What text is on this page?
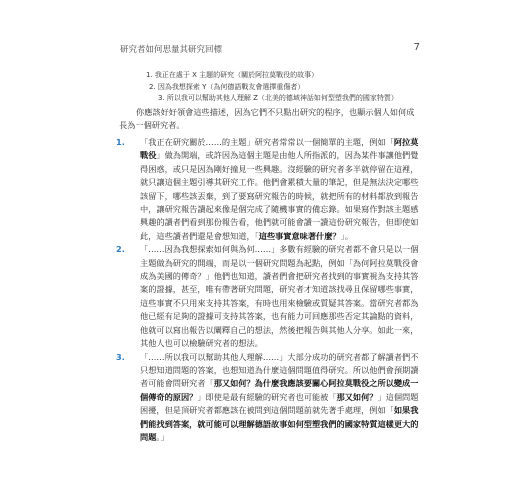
研究者如何思量其研究回標	7
1. 我正在處于 X 主題的研究（關於阿拉莫戰役的故事）
2. 因為我想探索 Y（為何德語戰友會選擇重傷者）
3. 所以我可以幫助其他人理解 Z（北美的德域神話如何型塑我們的國家特質）

你應該好好領會這些描述，因為它們不只點出研究的程序，也顯示個人如何成長為一個研究者。

1. 「我正在研究關於……的主題」研究者常常以一個簡單的主題，例如「阿拉莫戰役」做為開端，或許因為這個主題是由他人所指派的，因為某件事讓他們覺得困惑，或只是因為剛好撞見一些興趣。沒經驗的研究者多半就停留在這裡，就只讓這個主題引導其研究工作。他們會累積大量的筆記，但是無法決定哪些該留下，哪些該丟棄，到了要寫研究報告的時候，就把所有的材料都放到報告中，讓研究報告讀起來像是個完成了隨機事實的備忘錄。如果寫作對該主題感興趣的讀者們看到那份報告看，他們就可能會讀一讀這份研究報告，但即使如此，這些讀者們還是會想知道，「這些事實意味著什麼？」。
2. 「……因為我想探索如何與為何……」多數有經驗的研究者都不會只是以一個主題做為研究的開端，而是以一個研究問題為起點，例如「為何阿拉莫戰役會成為美國的傳奇？」他們也知道，讀者們會把研究者找到的事實視為支持其答案的證據，甚至，唯有帶著研究問題，研究者才知道該找尋且保留哪些事實，這些事實不只用來支持其答案，有時也用來檢驗或質疑其答案。當研究者都為他已經有足夠的證據可支持其答案，也有能力可回應那些否定其論點的資料，他就可以寫出報告以闡釋自己的想法，然後把報告與其他人分享。如此一來，其他人也可以檢驗研究者的想法。
3. 「……所以我可以幫助其他人理解……」大部分成功的研究者都了解讀者們不只想知道問題的答案，也想知道為什麼這個問題值得研究。所以他們會預期讀者可能會問研究者「那又如何？為什麼我應該要關心阿拉莫戰役之所以變成一個傳奇的原因？」即使是最有經驗的研究者也可能被「那又如何？」這個問題困擾，但是頂研究者都應該在被問到這個問題前就先著手處理，例如「如果我們能找到答案，就可能可以理解德語故事如何型塑我們的國家特質這樣更大的問題。」
